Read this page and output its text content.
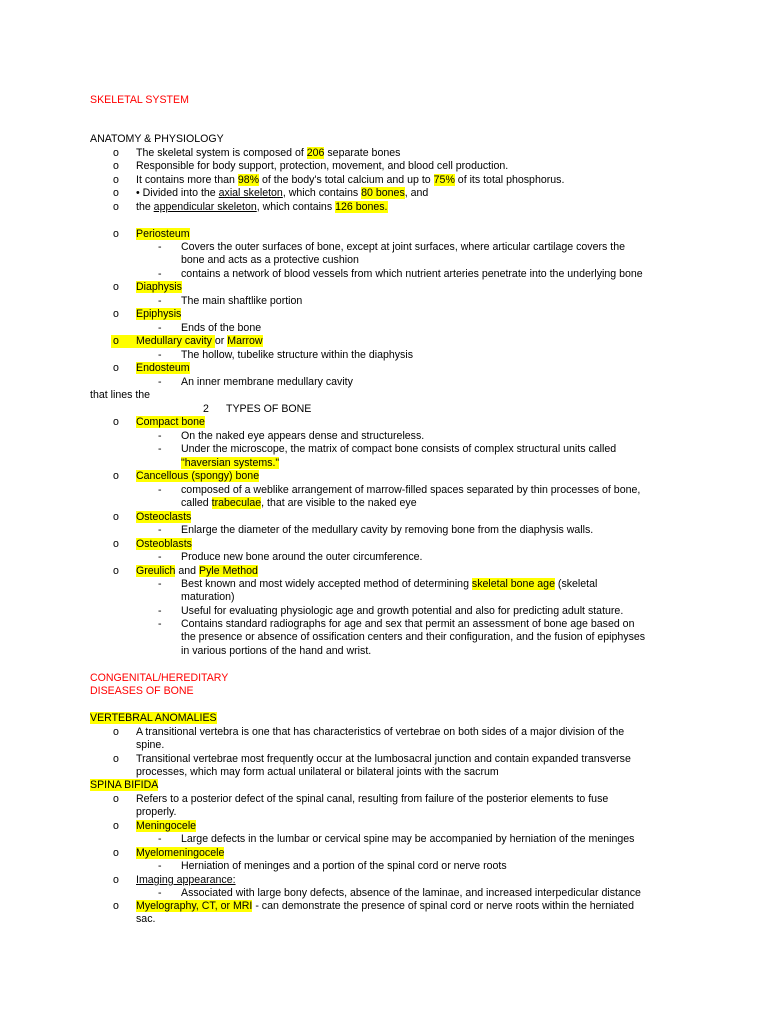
SKELETAL SYSTEM
ANATOMY & PHYSIOLOGY
o	The skeletal system is composed of 206 separate bones
o	Responsible for body support, protection, movement, and blood cell production.
o	It contains more than 98% of the body's total calcium and up to 75% of its total phosphorus.
o	• Divided into the axial skeleton, which contains 80 bones, and
o	the appendicular skeleton, which contains 126 bones.
o	Periosteum
-	Covers the outer surfaces of bone, except at joint surfaces, where articular cartilage covers the
bone and acts as a protective cushion
-	contains a network of blood vessels from which nutrient arteries penetrate into the underlying bone
o	Diaphysis
-	The main shaftlike portion
o	Epiphysis
-	Ends of the bone
o	Medullary cavity or Marrow
-	The hollow, tubelike structure within the diaphysis
o	Endosteum
-	An inner membrane medullary cavity
that lines the
2 TYPES OF BONE
o	Compact bone
-	On the naked eye appears dense and structureless.
-	Under the microscope, the matrix of compact bone consists of complex structural units called
"haversian systems."
o	Cancellous (spongy) bone
-	composed of a weblike arrangement of marrow-filled spaces separated by thin processes of bone,
called trabeculae, that are visible to the naked eye
o	Osteoclasts
-	Enlarge the diameter of the medullary cavity by removing bone from the diaphysis walls.
o	Osteoblasts
-	Produce new bone around the outer circumference.
o	Greulich and Pyle Method
-	Best known and most widely accepted method of determining skeletal bone age (skeletal
maturation)
-	Useful for evaluating physiologic age and growth potential and also for predicting adult stature.
-	Contains standard radiographs for age and sex that permit an assessment of bone age based on
the presence or absence of ossification centers and their configuration, and the fusion of epiphyses
in various portions of the hand and wrist.
CONGENITAL/HEREDITARY
DISEASES OF BONE
VERTEBRAL ANOMALIES
o	A transitional vertebra is one that has characteristics of vertebrae on both sides of a major division of the
spine.
o	Transitional vertebrae most frequently occur at the lumbosacral junction and contain expanded transverse
processes, which may form actual unilateral or bilateral joints with the sacrum
SPINA BIFIDA
o	Refers to a posterior defect of the spinal canal, resulting from failure of the posterior elements to fuse
properly.
o	Meningocele
-	Large defects in the lumbar or cervical spine may be accompanied by herniation of the meninges
o	Myelomeningocele
-	Herniation of meninges and a portion of the spinal cord or nerve roots
o	Imaging appearance:
-	Associated with large bony defects, absence of the laminae, and increased interpedicular distance
o	Myelography, CT, or MRI - can demonstrate the presence of spinal cord or nerve roots within the herniated
sac.
